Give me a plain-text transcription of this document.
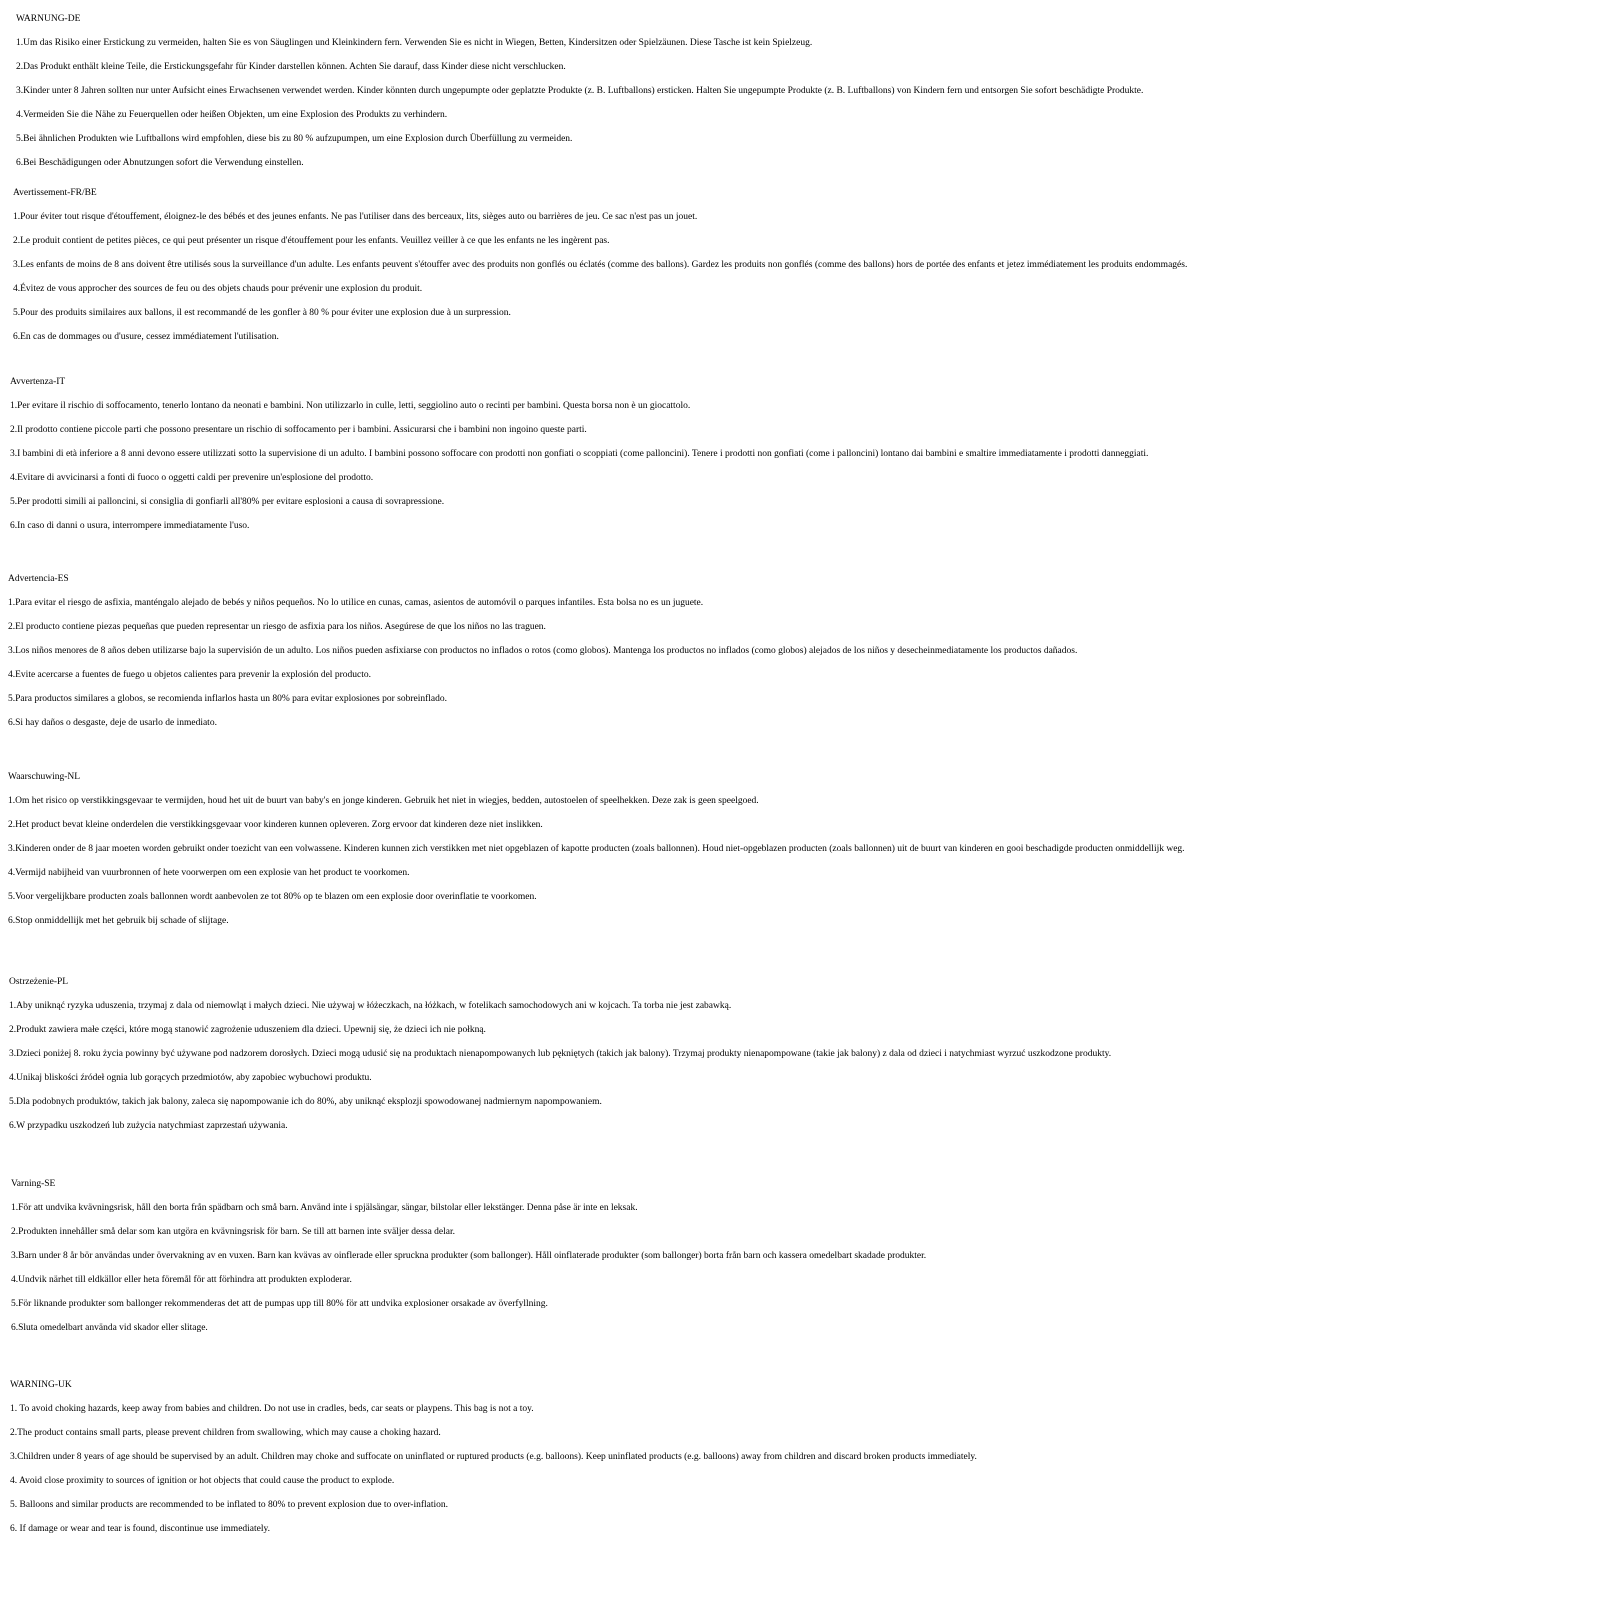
WARNUNG-DE
1.Um das Risiko einer Erstickung zu vermeiden, halten Sie es von Säuglingen und Kleinkindern fern. Verwenden Sie es nicht in Wiegen, Betten, Kindersitzen oder Spielzäunen. Diese Tasche ist kein Spielzeug.
2.Das Produkt enthält kleine Teile, die Erstickungsgefahr für Kinder darstellen können. Achten Sie darauf, dass Kinder diese nicht verschlucken.
3.Kinder unter 8 Jahren sollten nur unter Aufsicht eines Erwachsenen verwendet werden. Kinder könnten durch ungepumpte oder geplatzte Produkte (z. B. Luftballons) ersticken. Halten Sie ungepumpte Produkte (z. B. Luftballons) von Kindern fern und entsorgen Sie sofort beschädigte Produkte.
4.Vermeiden Sie die Nähe zu Feuerquellen oder heißen Objekten, um eine Explosion des Produkts zu verhindern.
5.Bei ähnlichen Produkten wie Luftballons wird empfohlen, diese bis zu 80 % aufzupumpen, um eine Explosion durch Überfüllung zu vermeiden.
6.Bei Beschädigungen oder Abnutzungen sofort die Verwendung einstellen.
Avertissement-FR/BE
1.Pour éviter tout risque d'étouffement, éloignez-le des bébés et des jeunes enfants. Ne pas l'utiliser dans des berceaux, lits, sièges auto ou barrières de jeu. Ce sac n'est pas un jouet.
2.Le produit contient de petites pièces, ce qui peut présenter un risque d'étouffement pour les enfants. Veuillez veiller à ce que les enfants ne les ingèrent pas.
3.Les enfants de moins de 8 ans doivent être utilisés sous la surveillance d'un adulte. Les enfants peuvent s'étouffer avec des produits non gonflés ou éclatés (comme des ballons). Gardez les produits non gonflés (comme des ballons) hors de portée des enfants et jetez immédiatement les produits endommagés.
4.Évitez de vous approcher des sources de feu ou des objets chauds pour prévenir une explosion du produit.
5.Pour des produits similaires aux ballons, il est recommandé de les gonfler à 80 % pour éviter une explosion due à un surpression.
6.En cas de dommages ou d'usure, cessez immédiatement l'utilisation.
Avvertenza-IT
1.Per evitare il rischio di soffocamento, tenerlo lontano da neonati e bambini. Non utilizzarlo in culle, letti, seggiolino auto o recinti per bambini. Questa borsa non è un giocattolo.
2.Il prodotto contiene piccole parti che possono presentare un rischio di soffocamento per i bambini. Assicurarsi che i bambini non ingoino queste parti.
3.I bambini di età inferiore a 8 anni devono essere utilizzati sotto la supervisione di un adulto. I bambini possono soffocare con prodotti non gonfiati o scoppiati (come palloncini). Tenere i prodotti non gonfiati (come i palloncini) lontano dai bambini e smaltire immediatamente i prodotti danneggiati.
4.Evitare di avvicinarsi a fonti di fuoco o oggetti caldi per prevenire un'esplosione del prodotto.
5.Per prodotti simili ai palloncini, si consiglia di gonfiarli all'80% per evitare esplosioni a causa di sovrapressione.
6.In caso di danni o usura, interrompere immediatamente l'uso.
Advertencia-ES
1.Para evitar el riesgo de asfixia, manténgalo alejado de bebés y niños pequeños. No lo utilice en cunas, camas, asientos de automóvil o parques infantiles. Esta bolsa no es un juguete.
2.El producto contiene piezas pequeñas que pueden representar un riesgo de asfixia para los niños. Asegúrese de que los niños no las traguen.
3.Los niños menores de 8 años deben utilizarse bajo la supervisión de un adulto. Los niños pueden asfixiarse con productos no inflados o rotos (como globos). Mantenga los productos no inflados (como globos) alejados de los niños y desecheinmediatamente los productos dañados.
4.Evite acercarse a fuentes de fuego u objetos calientes para prevenir la explosión del producto.
5.Para productos similares a globos, se recomienda inflarlos hasta un 80% para evitar explosiones por sobreinflado.
6.Si hay daños o desgaste, deje de usarlo de inmediato.
Waarschuwing-NL
1.Om het risico op verstikkingsgevaar te vermijden, houd het uit de buurt van baby's en jonge kinderen. Gebruik het niet in wiegjes, bedden, autostoelen of speelhekken. Deze zak is geen speelgoed.
2.Het product bevat kleine onderdelen die verstikkingsgevaar voor kinderen kunnen opleveren. Zorg ervoor dat kinderen deze niet inslikken.
3.Kinderen onder de 8 jaar moeten worden gebruikt onder toezicht van een volwassene. Kinderen kunnen zich verstikken met niet opgeblazen of kapotte producten (zoals ballonnen). Houd niet-opgeblazen producten (zoals ballonnen) uit de buurt van kinderen en gooi beschadigde producten onmiddellijk weg.
4.Vermijd nabijheid van vuurbronnen of hete voorwerpen om een explosie van het product te voorkomen.
5.Voor vergelijkbare producten zoals ballonnen wordt aanbevolen ze tot 80% op te blazen om een explosie door overinflatie te voorkomen.
6.Stop onmiddellijk met het gebruik bij schade of slijtage.
Ostrzeżenie-PL
1.Aby uniknąć ryzyka uduszenia, trzymaj z dala od niemowląt i małych dzieci. Nie używaj w łóżeczkach, na łóżkach, w fotelikach samochodowych ani w kojcach. Ta torba nie jest zabawką.
2.Produkt zawiera małe części, które mogą stanowić zagrożenie uduszeniem dla dzieci. Upewnij się, że dzieci ich nie połkną.
3.Dzieci poniżej 8. roku życia powinny być używane pod nadzorem dorosłych. Dzieci mogą udusić się na produktach nienapompowanych lub pękniętych (takich jak balony). Trzymaj produkty nienapompowane (takie jak balony) z dala od dzieci i natychmiast wyrzuć uszkodzone produkty.
4.Unikaj bliskości źródeł ognia lub gorących przedmiotów, aby zapobiec wybuchowi produktu.
5.Dla podobnych produktów, takich jak balony, zaleca się napompowanie ich do 80%, aby uniknąć eksplozji spowodowanej nadmiernym napompowaniem.
6.W przypadku uszkodzeń lub zużycia natychmiast zaprzestań używania.
Varning-SE
1.För att undvika kvävningsrisk, håll den borta från spädbarn och små barn. Använd inte i spjälsängar, sängar, bilstolar eller lekstänger. Denna påse är inte en leksak.
2.Produkten innehåller små delar som kan utgöra en kvävningsrisk för barn. Se till att barnen inte sväljer dessa delar.
3.Barn under 8 år bör användas under övervakning av en vuxen. Barn kan kvävas av oinflerade eller spruckna produkter (som ballonger). Håll oinflaterade produkter (som ballonger) borta från barn och kassera omedelbart skadade produkter.
4.Undvik närhet till eldkällor eller heta föremål för att förhindra att produkten exploderar.
5.För liknande produkter som ballonger rekommenderas det att de pumpas upp till 80% för att undvika explosioner orsakade av överfyllning.
6.Sluta omedelbart använda vid skador eller slitage.
WARNING-UK
1. To avoid choking hazards, keep away from babies and children. Do not use in cradles, beds, car seats or playpens. This bag is not a toy.
2.The product contains small parts, please prevent children from swallowing, which may cause a choking hazard.
3.Children under 8 years of age should be supervised by an adult. Children may choke and suffocate on uninflated or ruptured products (e.g. balloons). Keep uninflated products (e.g. balloons) away from children and discard broken products immediately.
4. Avoid close proximity to sources of ignition or hot objects that could cause the product to explode.
5. Balloons and similar products are recommended to be inflated to 80% to prevent explosion due to over-inflation.
6. If damage or wear and tear is found, discontinue use immediately.
